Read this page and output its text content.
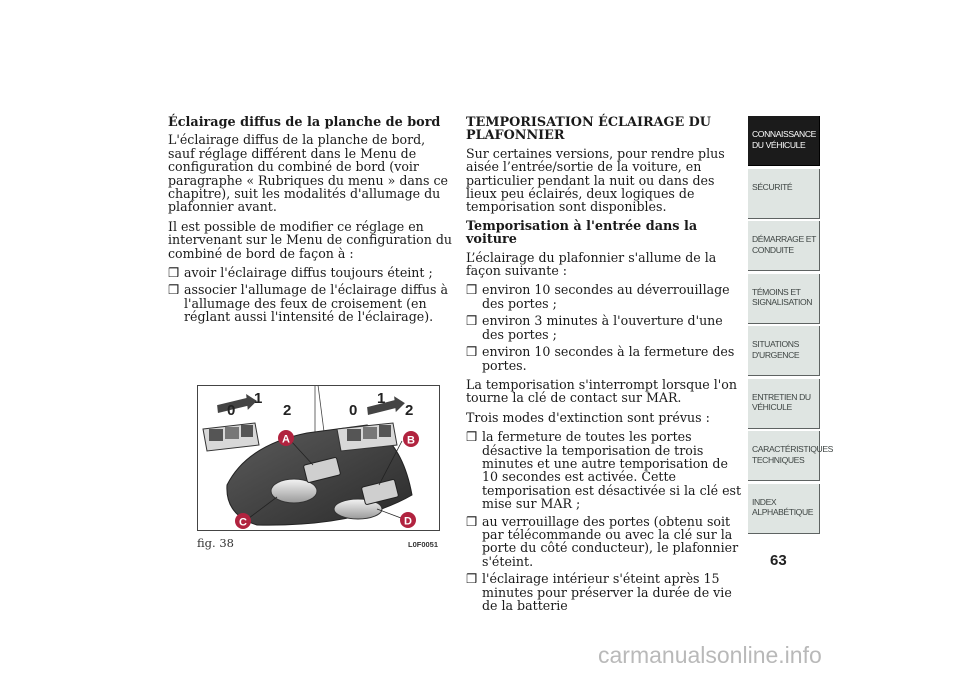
Éclairage diffus de la planche de bord

L'éclairage diffus de la planche de bord, sauf réglage différent dans le Menu de configuration du combiné de bord (voir paragraphe « Rubriques du menu » dans ce chapitre), suit les modalités d'allumage du plafonnier avant.

Il est possible de modifier ce réglage en intervenant sur le Menu de configuration du combiné de bord de façon à :

❒ avoir l'éclairage diffus toujours éteint ;
❒ associer l'allumage de l'éclairage diffus à l'allumage des feux de croisement (en réglant aussi l'intensité de l'éclairage).
0
1
2	0
1
2
A	B
C	D
fig. 38	L0F0051
TEMPORISATION ÉCLAIRAGE DU PLAFONNIER

Sur certaines versions, pour rendre plus aisée l’entrée/sortie de la voiture, en particulier pendant la nuit ou dans des lieux peu éclairés, deux logiques de temporisation sont disponibles.

Temporisation à l'entrée dans la voiture

L’éclairage du plafonnier s'allume de la façon suivante :

❒ environ 10 secondes au déverrouillage des portes ;
❒ environ 3 minutes à l'ouverture d'une des portes ;
❒ environ 10 secondes à la fermeture des portes.

La temporisation s'interrompt lorsque l'on tourne la clé de contact sur MAR.

Trois modes d'extinction sont prévus :

❒ la fermeture de toutes les portes désactive la temporisation de trois minutes et une autre temporisation de 10 secondes est activée. Cette temporisation est désactivée si la clé est mise sur MAR ;
❒ au verrouillage des portes (obtenu soit par télécommande ou avec la clé sur la porte du côté conducteur), le plafonnier s'éteint.
❒ l'éclairage intérieur s'éteint après 15 minutes pour préserver la durée de vie de la batterie
CONNAISSANCE DU VÉHICULE
SÉCURITÉ
DÉMARRAGE ET CONDUITE
TÉMOINS ET SIGNALISATION
SITUATIONS D'URGENCE
ENTRETIEN DU VÉHICULE
CARACTÉRISTIQUES TECHNIQUES
INDEX ALPHABÉTIQUE
63
carmanualsonline.info
